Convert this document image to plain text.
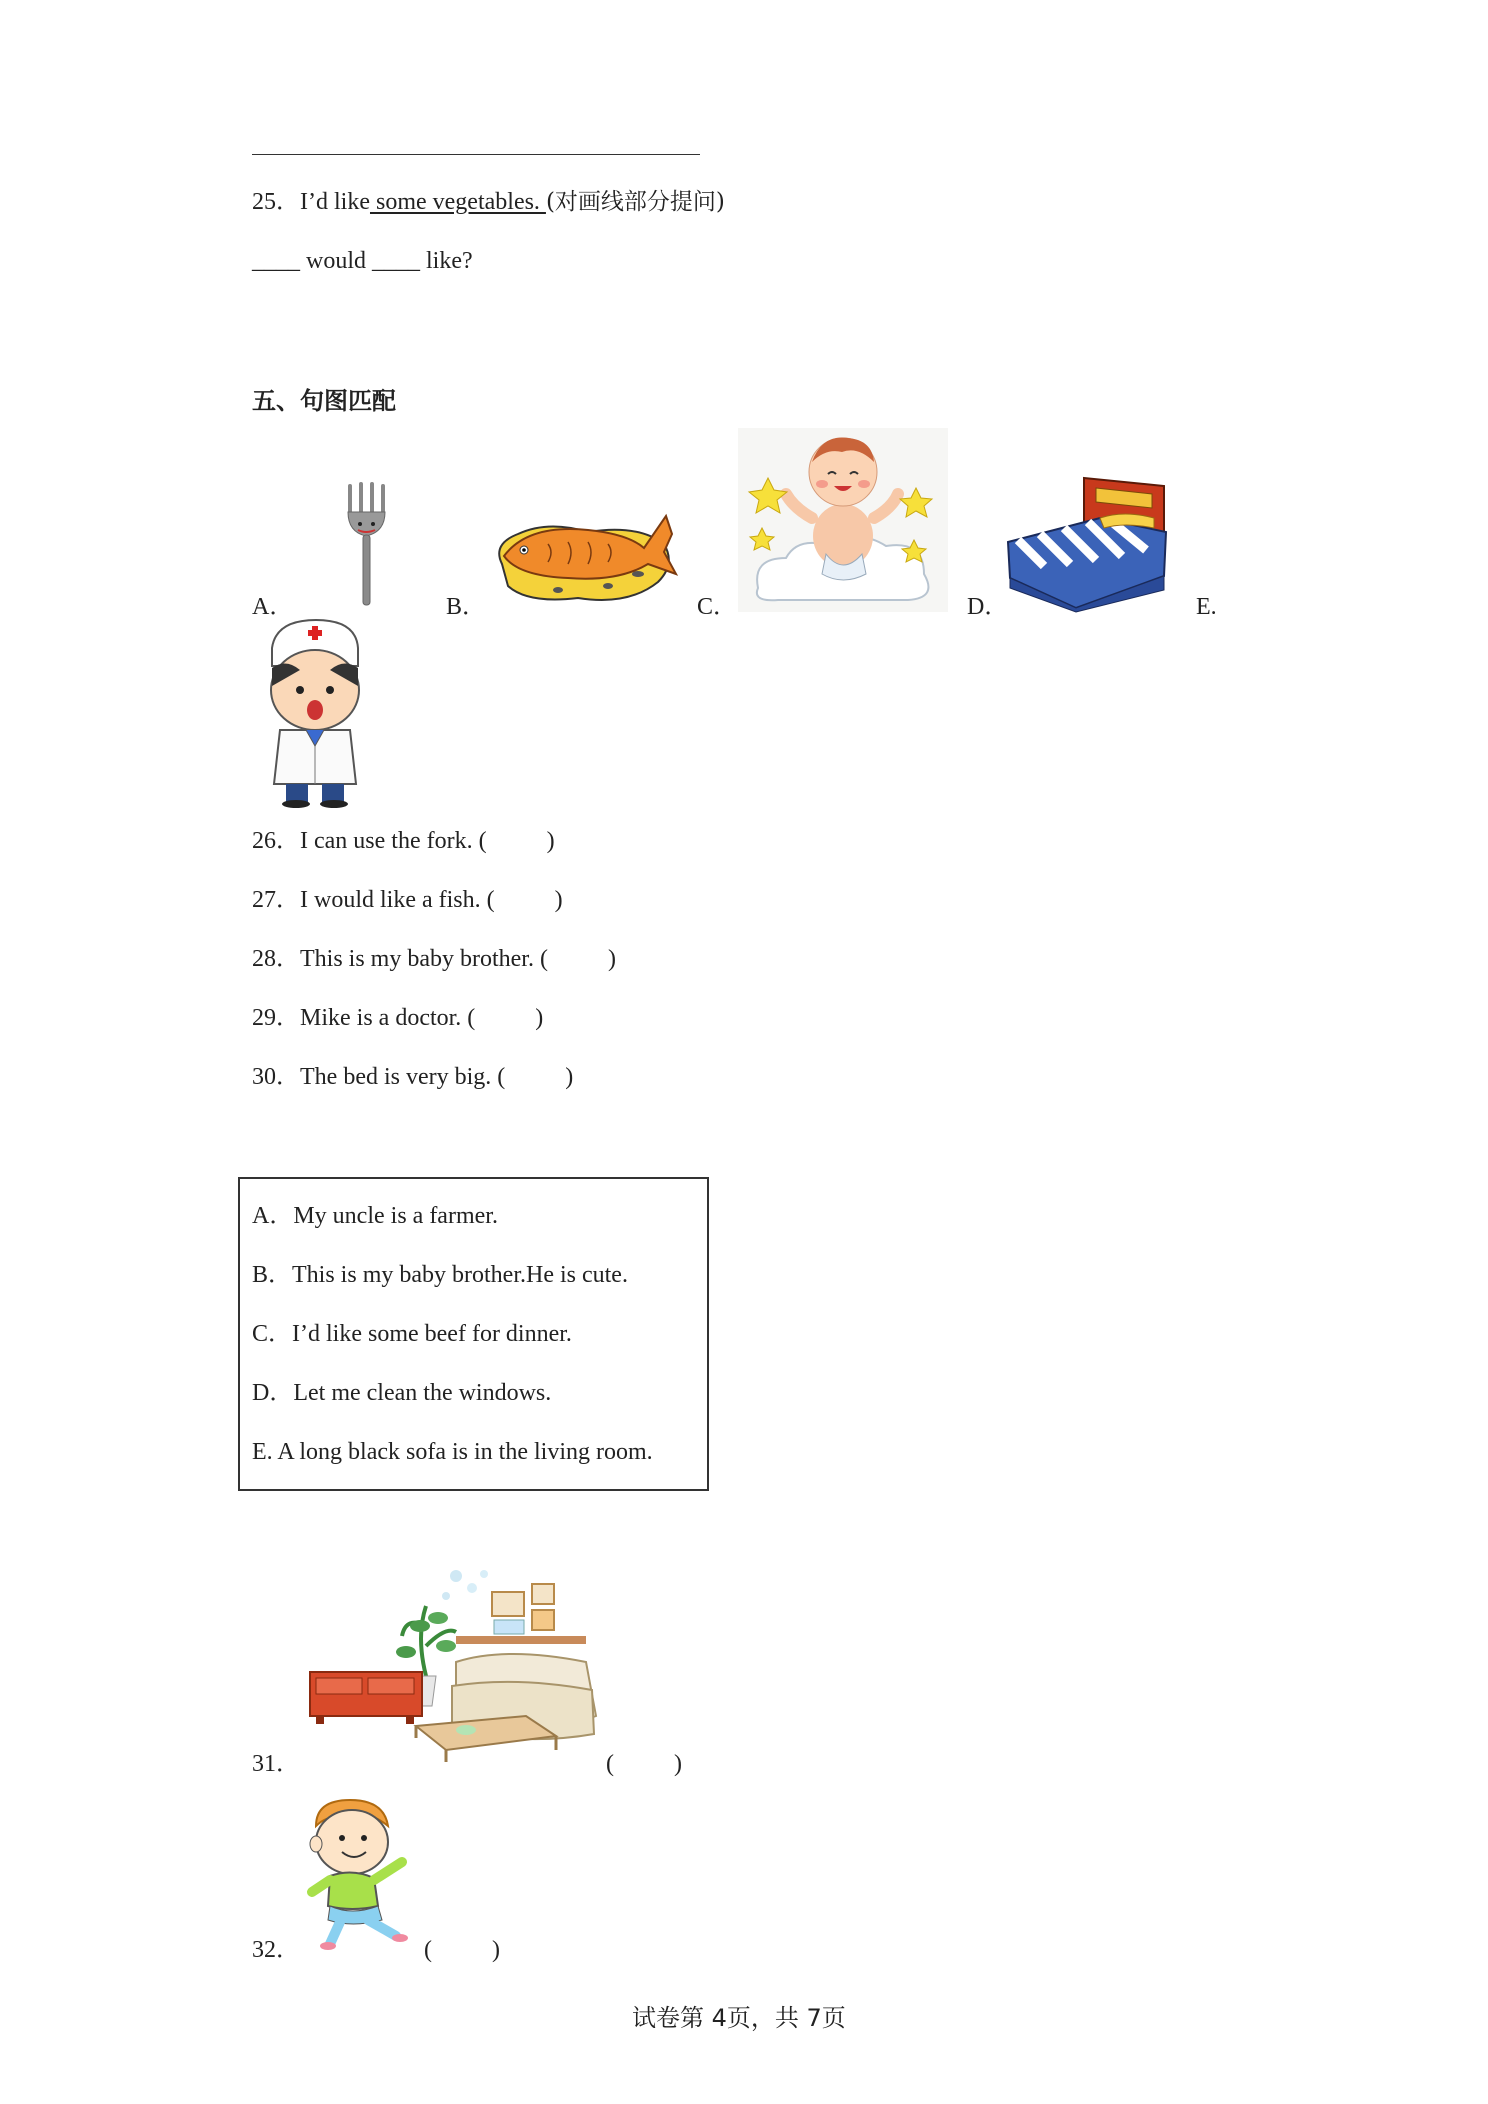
25．I’d like some vegetables. (对画线部分提问)
____ would ____ like?
五、句图匹配
A．	B．	C．	D．	E.
26．I can use the fork. (          )
27．I would like a fish. (          )
28．This is my baby brother. (          )
29．Mike is a doctor. (          )
30．The bed is very big. (          )
A．My uncle is a farmer.
B．This is my baby brother.He is cute.
C．I’d like some beef for dinner.
D．Let me clean the windows.
E. A long black sofa is in the living room.
31．	(          )
32．	(          )
试卷第 4页，共 7页
